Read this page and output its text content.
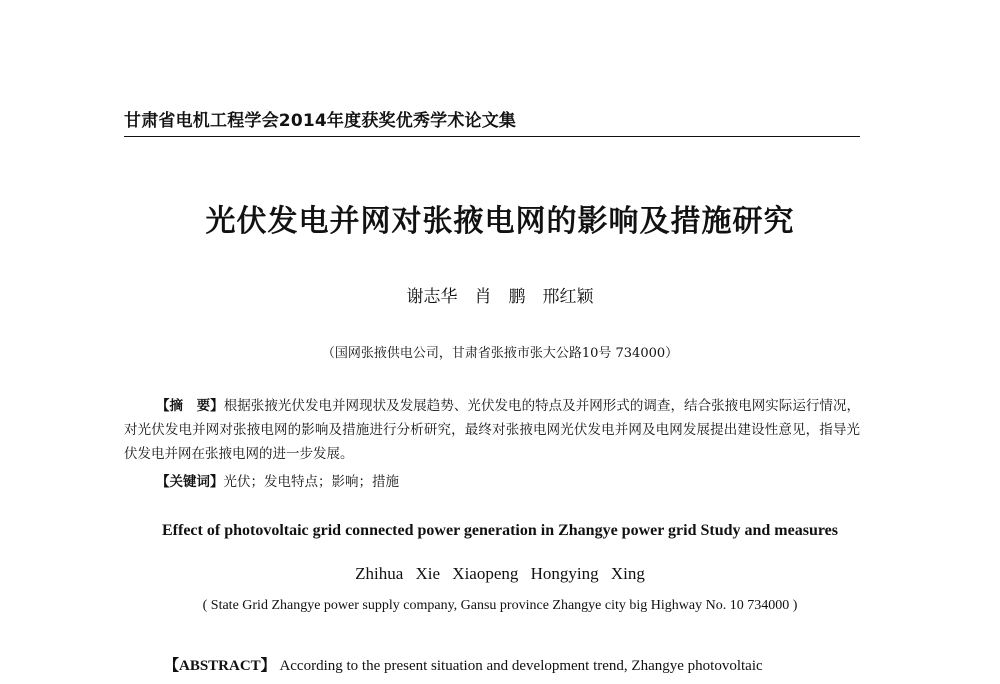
甘肃省电机工程学会2014年度获奖优秀学术论文集
光伏发电并网对张掖电网的影响及措施研究
谢志华　肖　鹏　邢红颖
（国网张掖供电公司，甘肃省张掖市张大公路10号 734000）

【摘　要】根据张掖光伏发电并网现状及发展趋势、光伏发电的特点及并网形式的调查，结合张掖电网实际运行情况，对光伏发电并网对张掖电网的影响及措施进行分析研究，最终对张掖电网光伏发电并网及电网发展提出建设性意见，指导光伏发电并网在张掖电网的进一步发展。

【关键词】光伏；发电特点；影响；措施
Effect of photovoltaic grid connected power generation in Zhangye power grid Study and measures
Zhihua Xie Xiaopeng Hongying Xing
( State Grid Zhangye power supply company, Gansu province Zhangye city big Highway No. 10 734000 )

【ABSTRACT】 According to the present situation and development trend, Zhangye photovoltaic
